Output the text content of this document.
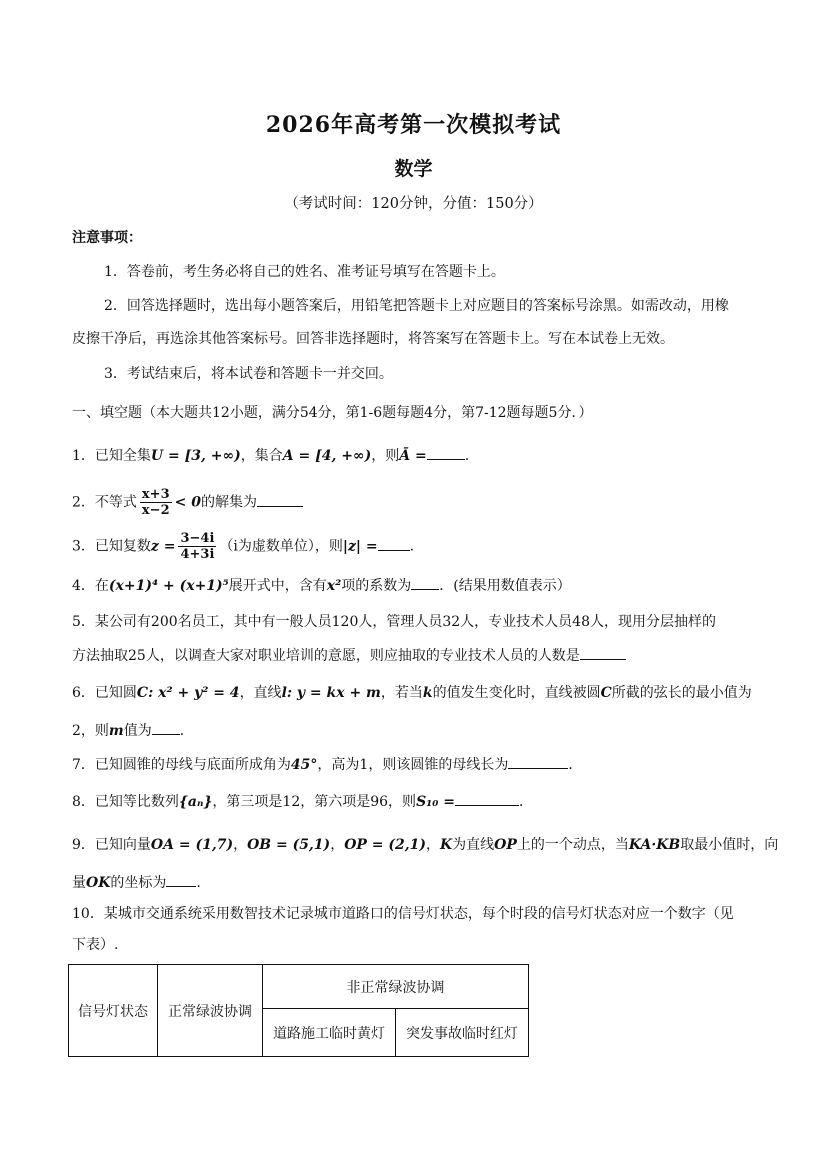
2026年高考第一次模拟考试
数学
（考试时间：120分钟，分值：150分）
注意事项：
1．答卷前，考生务必将自己的姓名、准考证号填写在答题卡上。
2．回答选择题时，选出每小题答案后，用铅笔把答题卡上对应题目的答案标号涂黑。如需改动，用橡
皮擦干净后，再选涂其他答案标号。回答非选择题时，将答案写在答题卡上。写在本试卷上无效。
3．考试结束后，将本试卷和答题卡一并交回。
一、填空题（本大题共12小题，满分54分，第1-6题每题4分，第7-12题每题5分．）
1．已知全集U = [3, +∞)，集合A = [4, +∞)，则Ā =	.
2．不等式 $\frac{x+3}{x-2} < 0$的解集为
3．已知复数$z = \frac{3-4i}{4+3i} (i$为虚数单位），则|z| = .
4．在(x+1)⁴ + (x+1)⁵展开式中，含有x²项的系数为 ．(结果用数值表示）
5．某公司有200名员工，其中有一般人员120人，管理人员32人，专业技术人员48人，现用分层抽样的
方法抽取25人，以调查大家对职业培训的意愿，则应抽取的专业技术人员的人数是
6．已知圆C: x² + y² = 4，直线l: y = kx + m，若当k的值发生变化时，直线被圆C所截的弦长的最小值为
2，则m值为 ．
7．已知圆锥的母线与底面所成角为45°，高为1，则该圆锥的母线长为	．
8．已知等比数列{aₙ}，第三项是12，第六项是96，则S₁₀ =	．
9．已知向量OA = (1,7)，OB = (5,1)，OP = (2,1)，K为直线OP上的一个动点，当KA·KB取最小值时，向
量OK的坐标为 .
10．某城市交通系统采用数智技术记录城市道路口的信号灯状态，每个时段的信号灯状态对应一个数字（见
下表）.
信号灯状态	正常绿波协调	非正常绿波协调	
		道路施工临时黄灯	突发事故临时红灯
